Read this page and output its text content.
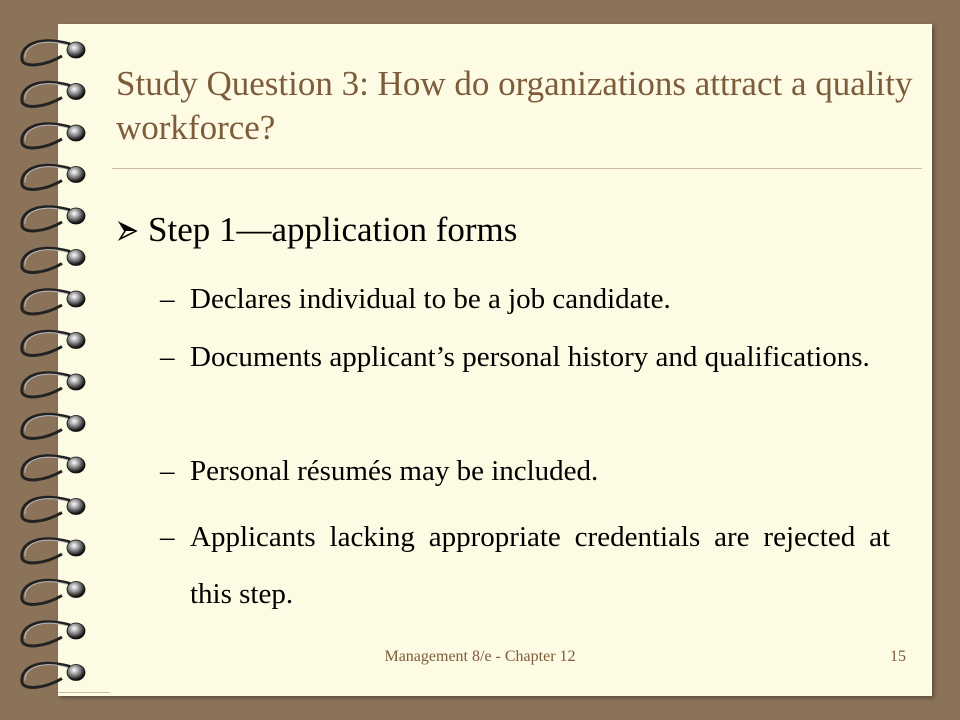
Study Question 3: How do organizations attract a quality workforce?
Step 1—application forms
– Declares individual to be a job candidate.
– Documents applicant’s personal history and qualifications.
– Personal résumés may be included.
– Applicants lacking appropriate credentials are rejected at this step.
Management 8/e - Chapter 12	15
